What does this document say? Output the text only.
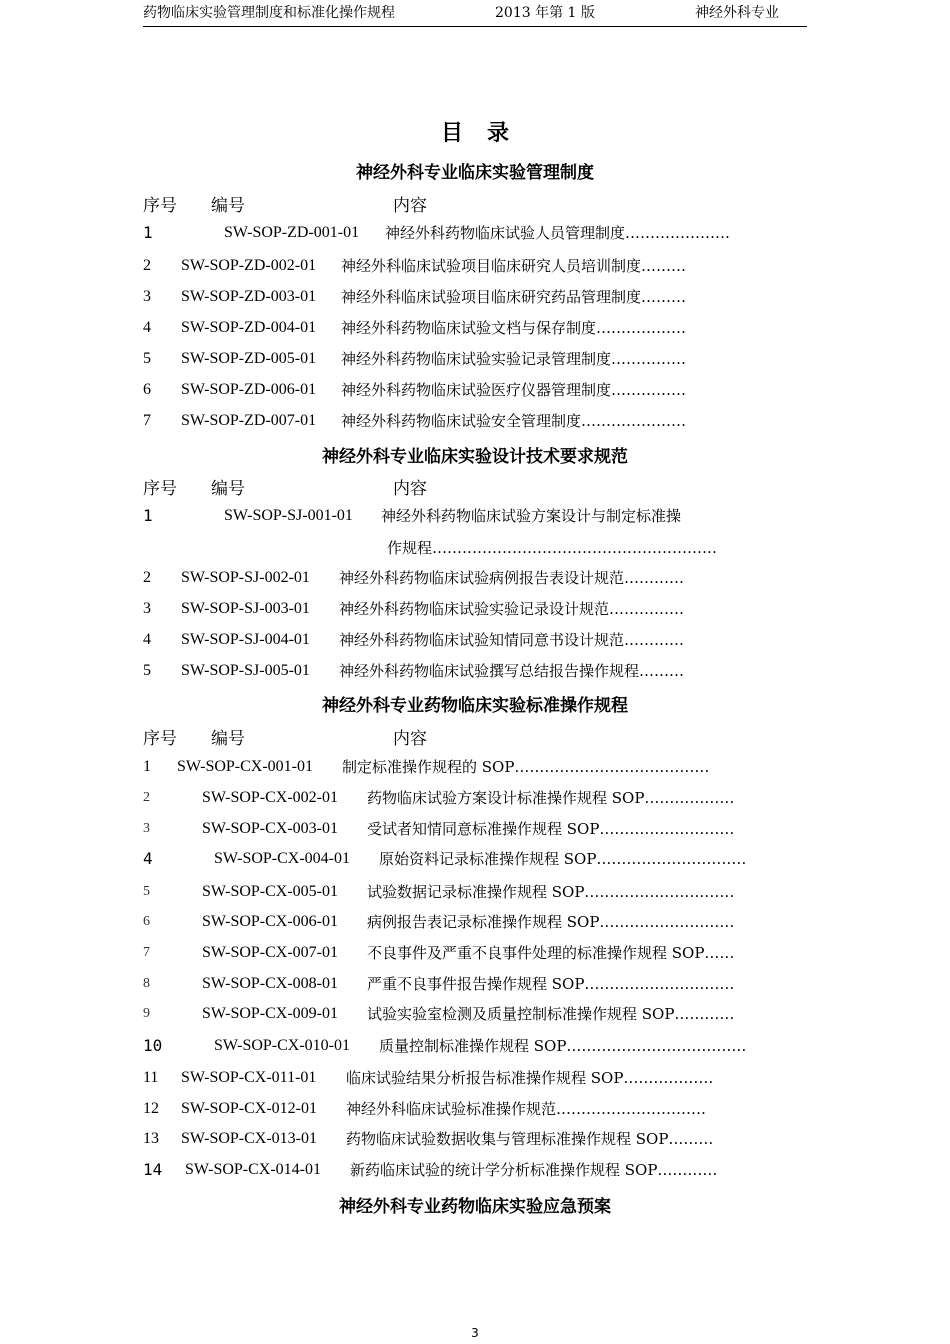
药物临床实验管理制度和标准化操作规程	2013 年第 1 版	神经外科专业
目录
神经外科专业临床实验管理制度
序号 编号	内容
1	SW-SOP-ZD-001-01 神经外科药物临床试验人员管理制度…………………
2 SW-SOP-ZD-002-01 神经外科临床试验项目临床研究人员培训制度………
3 SW-SOP-ZD-003-01 神经外科临床试验项目临床研究药品管理制度………
4 SW-SOP-ZD-004-01 神经外科药物临床试验文档与保存制度………………
5 SW-SOP-ZD-005-01 神经外科药物临床试验实验记录管理制度……………
6 SW-SOP-ZD-006-01 神经外科药物临床试验医疗仪器管理制度……………
7 SW-SOP-ZD-007-01 神经外科药物临床试验安全管理制度…………………
神经外科专业临床实验设计技术要求规范
序号 编号	内容
1	SW-SOP-SJ-001-01 神经外科药物临床试验方案设计与制定标准操
作规程…………………………………………………
2 SW-SOP-SJ-002-01 神经外科药物临床试验病例报告表设计规范…………
3 SW-SOP-SJ-003-01 神经外科药物临床试验实验记录设计规范……………
4 SW-SOP-SJ-004-01 神经外科药物临床试验知情同意书设计规范…………
5 SW-SOP-SJ-005-01 神经外科药物临床试验撰写总结报告操作规程………
神经外科专业药物临床实验标准操作规程
序号 编号	内容
1 SW-SOP-CX-001-01 制定标准操作规程的 SOP…………………………………
2	SW-SOP-CX-002-01 药物临床试验方案设计标准操作规程 SOP………………
3	SW-SOP-CX-003-01 受试者知情同意标准操作规程 SOP………………………
4	SW-SOP-CX-004-01 原始资料记录标准操作规程 SOP…………………………
5	SW-SOP-CX-005-01 试验数据记录标准操作规程 SOP…………………………
6	SW-SOP-CX-006-01 病例报告表记录标准操作规程 SOP………………………
7	SW-SOP-CX-007-01 不良事件及严重不良事件处理的标准操作规程 SOP……
8	SW-SOP-CX-008-01 严重不良事件报告操作规程 SOP…………………………
9	SW-SOP-CX-009-01 试验实验室检测及质量控制标准操作规程 SOP…………
10	SW-SOP-CX-010-01 质量控制标准操作规程 SOP………………………………
11 SW-SOP-CX-011-01 临床试验结果分析报告标准操作规程 SOP………………
12 SW-SOP-CX-012-01 神经外科临床试验标准操作规范…………………………
13 SW-SOP-CX-013-01 药物临床试验数据收集与管理标准操作规程 SOP………
14 SW-SOP-CX-014-01 新药临床试验的统计学分析标准操作规程 SOP…………
神经外科专业药物临床实验应急预案
3
